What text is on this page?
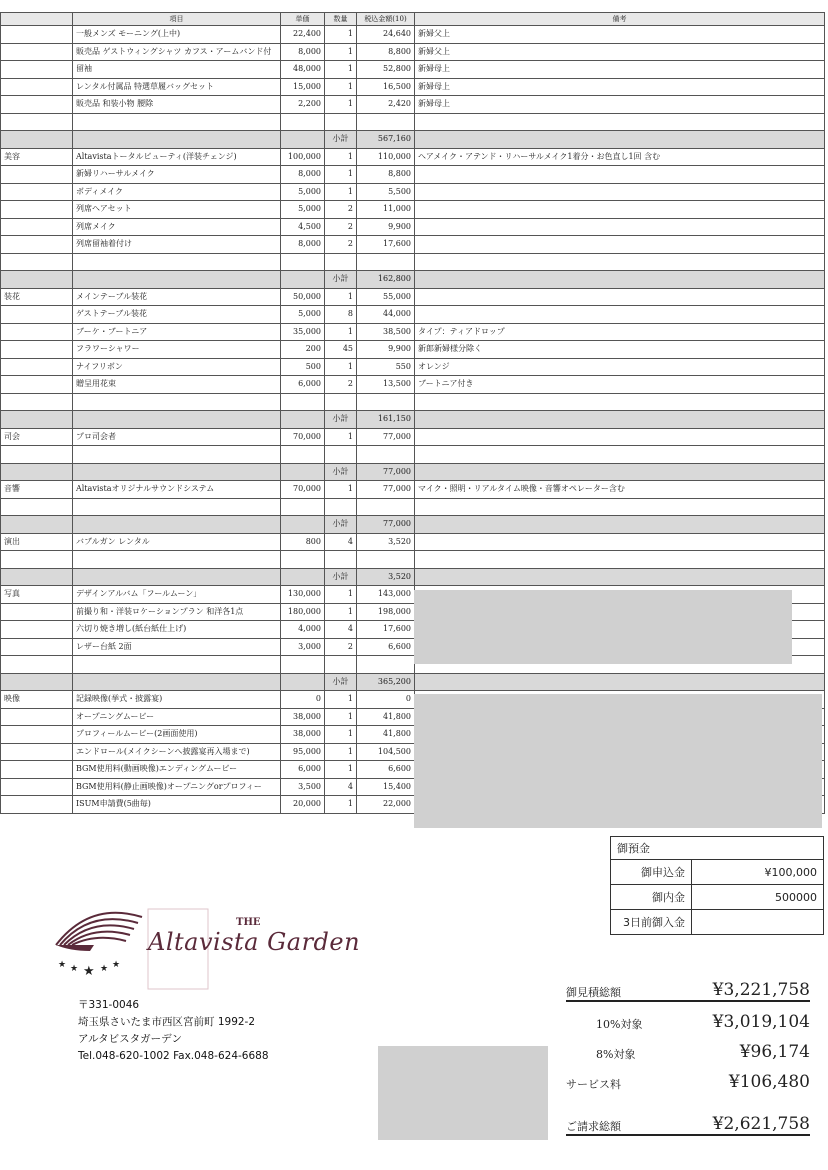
	項目	単価	数量	税込金額(10)	備考
	一般メンズ モーニング(上中)	22,400	1	24,640	新婦父上
	販売品 ゲストウィングシャツ カフス・アームバンド付	8,000	1	8,800	新婦父上
	留袖	48,000	1	52,800	新婦母上
	レンタル付属品 特選草履バッグセット	15,000	1	16,500	新婦母上
	販売品 和装小物 腰除	2,200	1	2,420	新婦母上

			小計	567,160	
美容	Altavistaトータルビューティ(洋装チェンジ)	100,000	1	110,000	ヘアメイク・アテンド・リハーサルメイク1着分・お色直し1回 含む
	新婦リハーサルメイク	8,000	1	8,800	
	ボディメイク	5,000	1	5,500	
	列席ヘアセット	5,000	2	11,000	
	列席メイク	4,500	2	9,900	
	列席留袖着付け	8,000	2	17,600	

			小計	162,800	
装花	メインテーブル装花	50,000	1	55,000	
	ゲストテーブル装花	5,000	8	44,000	
	ブーケ・ブートニア	35,000	1	38,500	タイプ：ティアドロップ
	フラワーシャワー	200	45	9,900	新郎新婦様分除く
	ナイフリボン	500	1	550	オレンジ
	贈呈用花束	6,000	2	13,500	ブートニア付き

			小計	161,150	
司会	プロ司会者	70,000	1	77,000	

			小計	77,000	
音響	Altavistaオリジナルサウンドシステム	70,000	1	77,000	マイク・照明・リアルタイム映像・音響オペレーター含む

			小計	77,000	
演出	バブルガン レンタル	800	4	3,520	

			小計	3,520	
写真	デザインアルバム「フールムーン」	130,000	1	143,000	
	前撮り和・洋装ロケーションプラン 和洋各1点	180,000	1	198,000	
	六切り焼き増し(紙台紙仕上げ)	4,000	4	17,600	
	レザー台紙 2面	3,000	2	6,600	

			小計	365,200	
映像	記録映像(挙式・披露宴)	0	1	0	
	オープニングムービー	38,000	1	41,800	
	プロフィールムービー(2画面使用)	38,000	1	41,800	
	エンドロール(メイクシーンへ披露宴再入場まで)	95,000	1	104,500	
	BGM使用料(動画映像)エンディングムービー	6,000	1	6,600	
	BGM使用料(静止画映像)オープニングorプロフィー	3,500	4	15,400	
	ISUM申請費(5曲毎)	20,000	1	22,000	
御預金	
御申込金	¥100,000
御内金	500000
3日前御入金	
御見積総額	¥3,221,758
10%対象	¥3,019,104
8%対象	¥96,174
サービス料	¥106,480
ご請求総額	¥2,621,758
★ ★ ★ ★ ★
THE
Altavista Garden
〒331-0046
埼玉県さいたま市西区宮前町 1992-2
アルタビスタガーデン
Tel.048-620-1002 Fax.048-624-6688
